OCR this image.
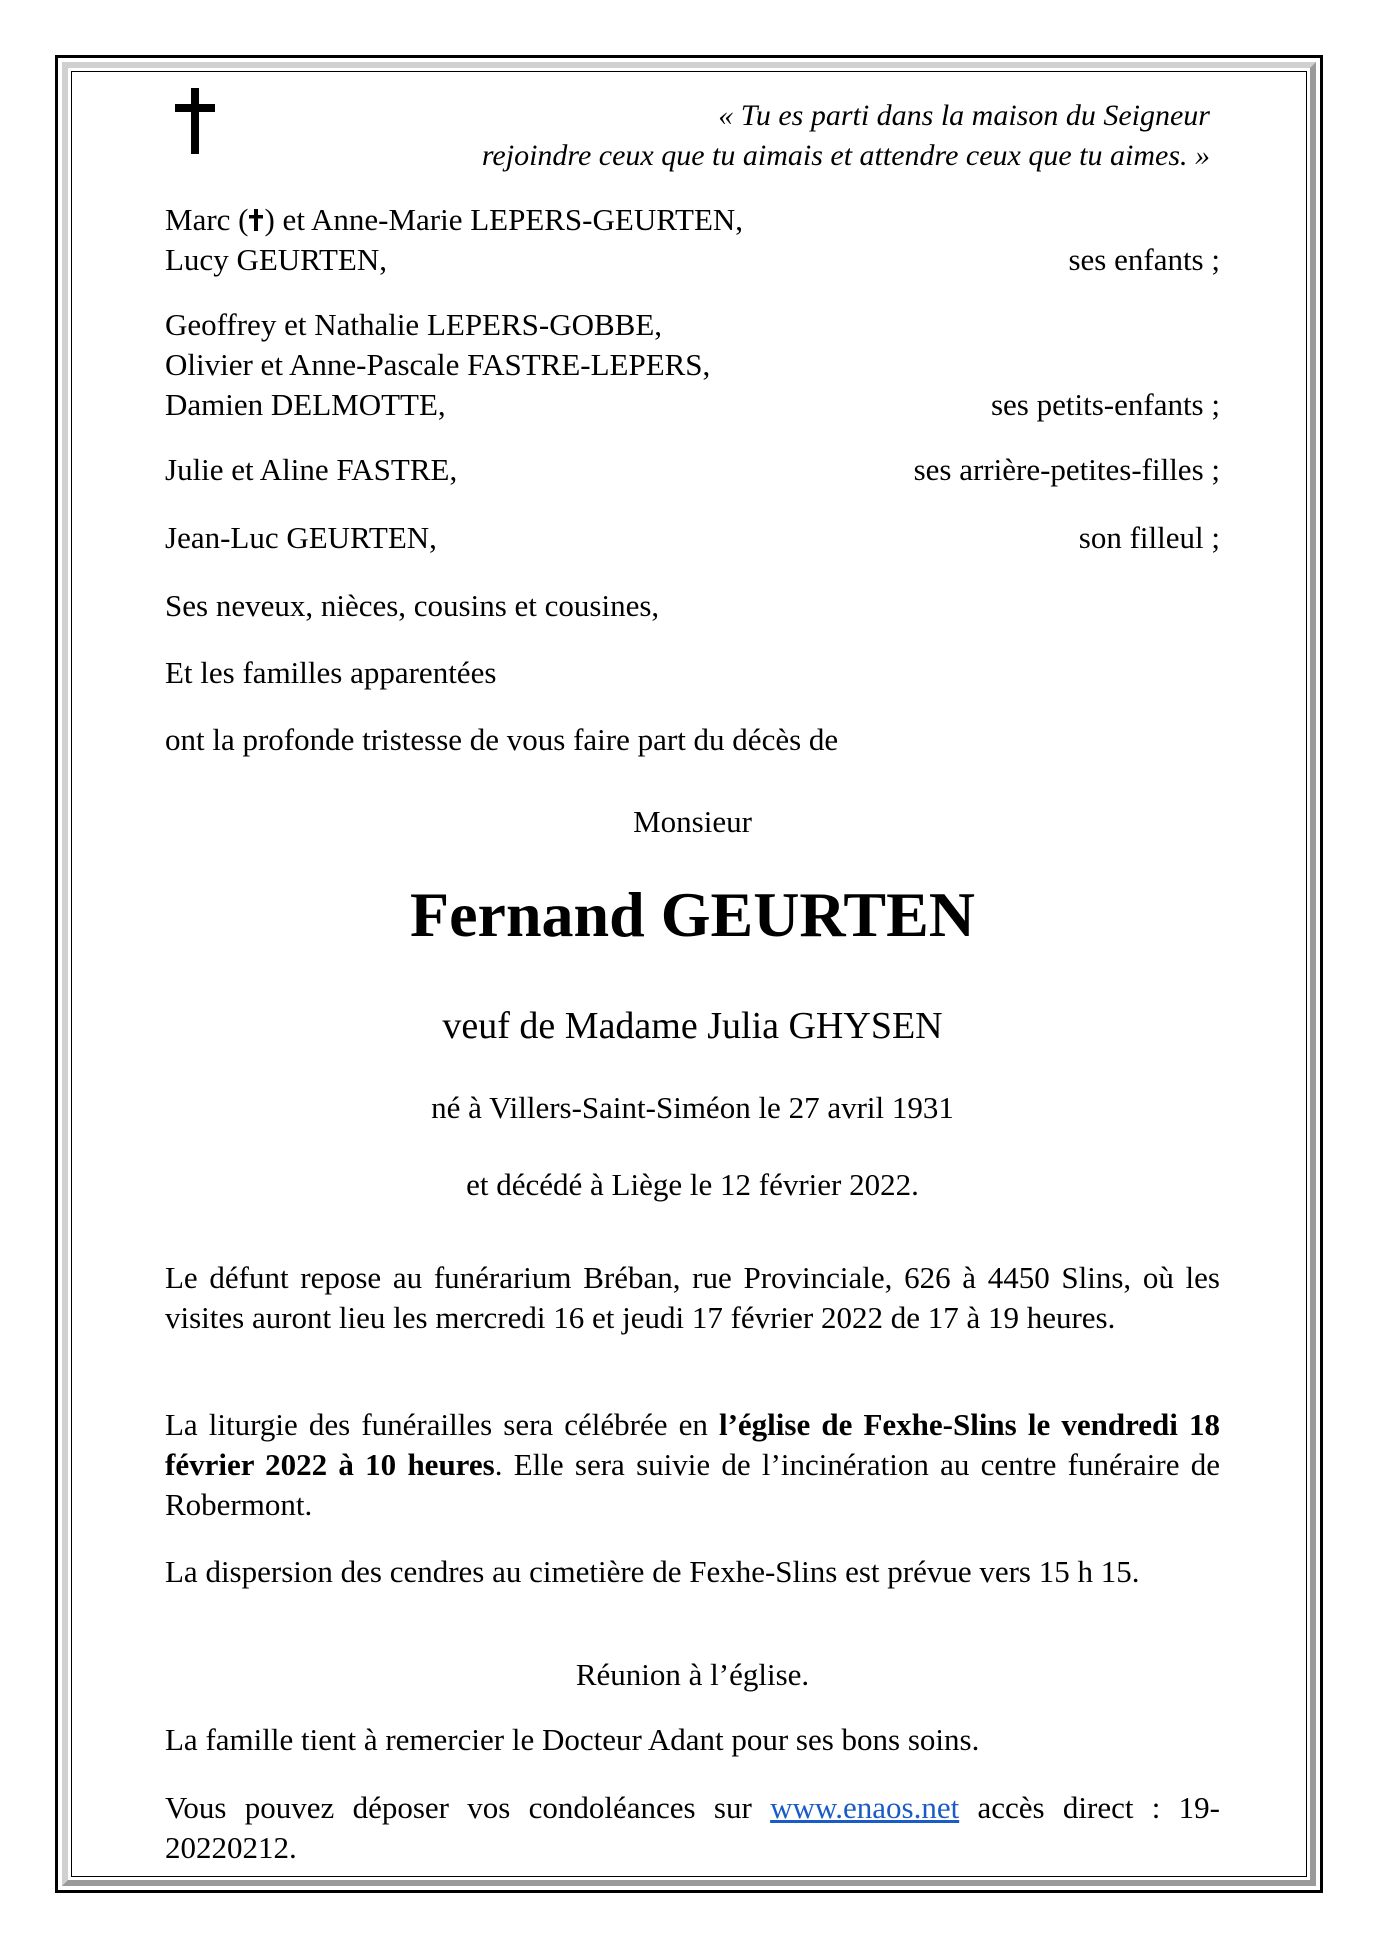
« Tu es parti dans la maison du Seigneur
rejoindre ceux que tu aimais et attendre ceux que tu aimes. »
Marc ( ) et Anne-Marie LEPERS-GEURTEN,
Lucy GEURTEN,	ses enfants ;
Geoffrey et Nathalie LEPERS-GOBBE,
Olivier et Anne-Pascale FASTRE-LEPERS,
Damien DELMOTTE,	ses petits-enfants ;
Julie et Aline FASTRE,	ses arrière-petites-filles ;
Jean-Luc GEURTEN,	son filleul ;
Ses neveux, nièces, cousins et cousines,
Et les familles apparentées
ont la profonde tristesse de vous faire part du décès de
Monsieur
Fernand GEURTEN
veuf de Madame Julia GHYSEN
né à Villers-Saint-Siméon le 27 avril 1931
et décédé à Liège le 12 février 2022.
Le défunt repose au funérarium Bréban, rue Provinciale, 626 à 4450 Slins, où les visites auront lieu les mercredi 16 et jeudi 17 février 2022 de 17 à 19 heures.
La liturgie des funérailles sera célébrée en l’église de Fexhe-Slins le vendredi 18 février 2022 à 10 heures. Elle sera suivie de l’incinération au centre funéraire de Robermont.
La dispersion des cendres au cimetière de Fexhe-Slins est prévue vers 15 h 15.
Réunion à l’église.
La famille tient à remercier le Docteur Adant pour ses bons soins.
Vous pouvez déposer vos condoléances sur www.enaos.net accès direct : 19-20220212.
